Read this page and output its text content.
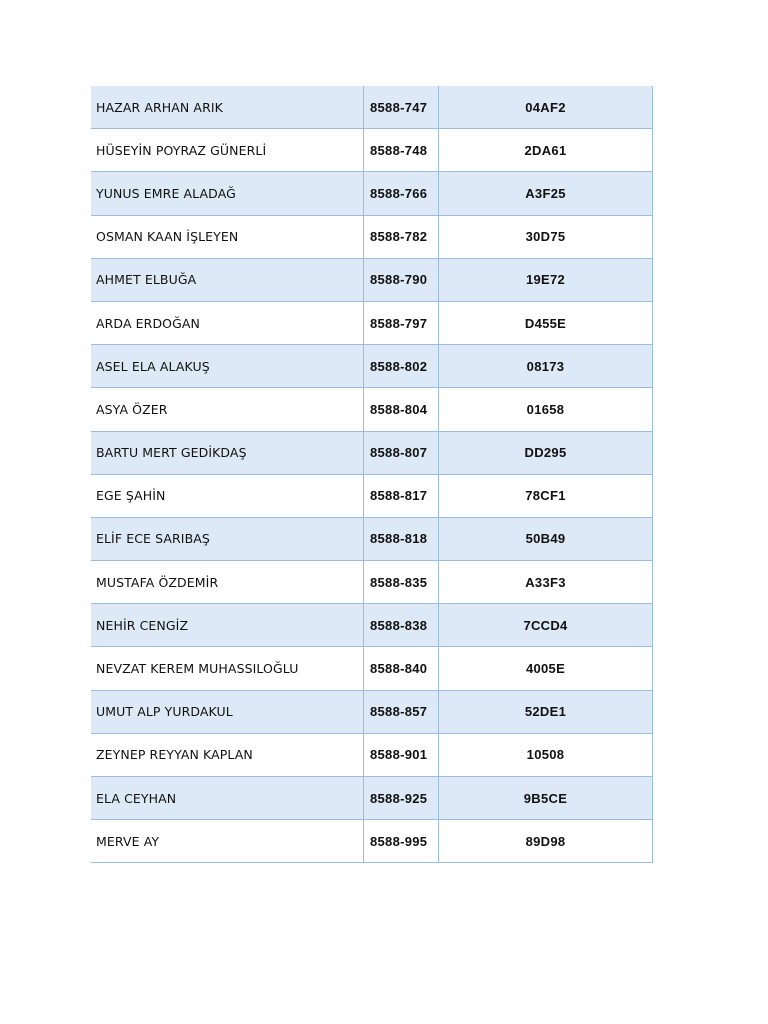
HAZAR ARHAN ARIK	8588-747	04AF2
HÜSEYİN POYRAZ GÜNERLİ	8588-748	2DA61
YUNUS EMRE ALADAĞ	8588-766	A3F25
OSMAN KAAN İŞLEYEN	8588-782	30D75
AHMET ELBUĞA	8588-790	19E72
ARDA ERDOĞAN	8588-797	D455E
ASEL ELA ALAKUŞ	8588-802	08173
ASYA ÖZER	8588-804	01658
BARTU MERT GEDİKDAŞ	8588-807	DD295
EGE ŞAHİN	8588-817	78CF1
ELİF ECE SARIBAŞ	8588-818	50B49
MUSTAFA ÖZDEMİR	8588-835	A33F3
NEHİR CENGİZ	8588-838	7CCD4
NEVZAT KEREM MUHASSILOĞLU	8588-840	4005E
UMUT ALP YURDAKUL	8588-857	52DE1
ZEYNEP REYYAN KAPLAN	8588-901	10508
ELA CEYHAN	8588-925	9B5CE
MERVE AY	8588-995	89D98
